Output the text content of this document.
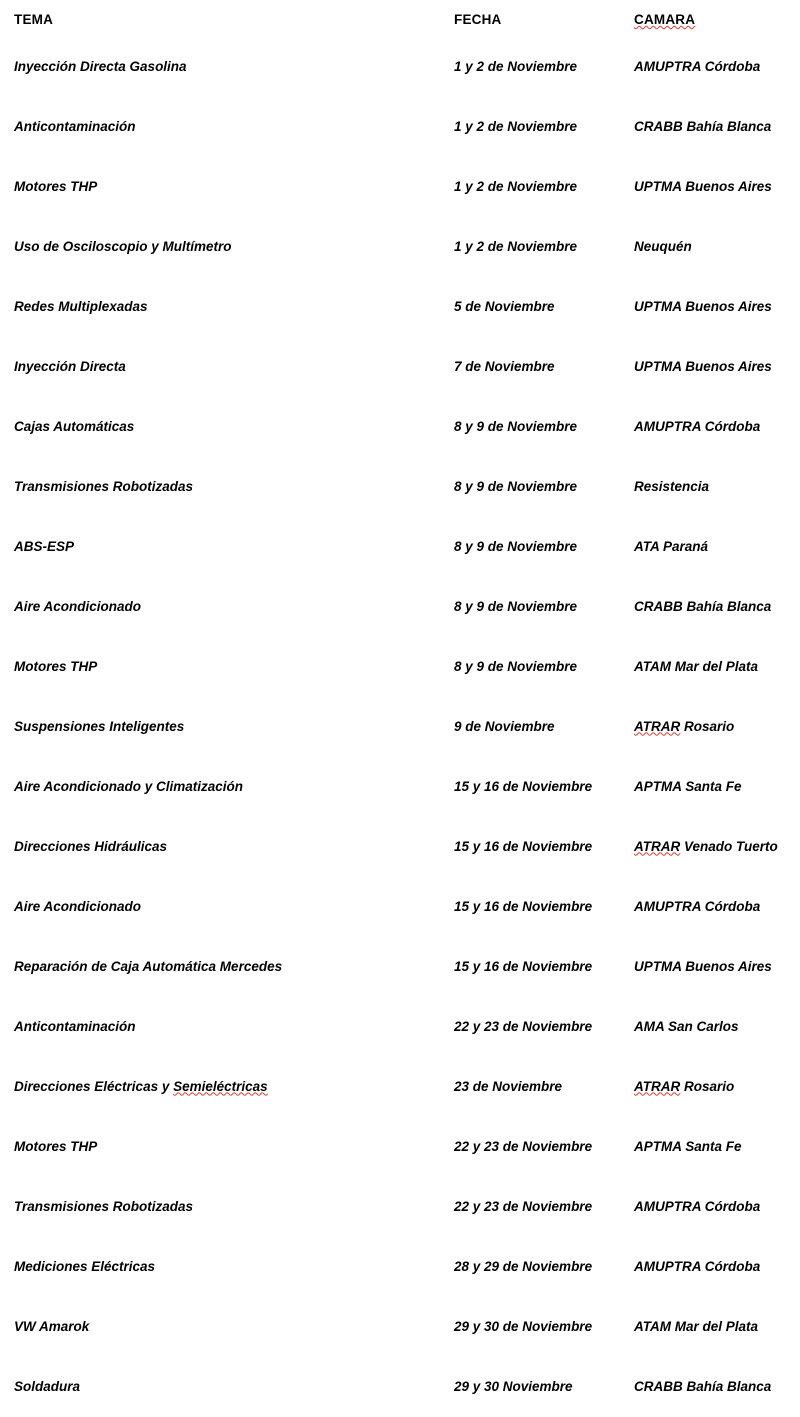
TEMA	FECHA	CAMARA
Inyección Directa Gasolina	1 y 2 de Noviembre	AMUPTRA Córdoba
Anticontaminación	1 y 2 de Noviembre	CRABB Bahía Blanca
Motores THP	1 y 2 de Noviembre	UPTMA Buenos Aires
Uso de Osciloscopio y Multímetro	1 y 2 de Noviembre	Neuquén
Redes Multiplexadas	5 de Noviembre	UPTMA Buenos Aires
Inyección Directa	7 de Noviembre	UPTMA Buenos Aires
Cajas Automáticas	8 y 9 de Noviembre	AMUPTRA Córdoba
Transmisiones Robotizadas	8 y 9 de Noviembre	Resistencia
ABS-ESP	8 y 9 de Noviembre	ATA Paraná
Aire Acondicionado	8 y 9 de Noviembre	CRABB Bahía Blanca
Motores THP	8 y 9 de Noviembre	ATAM Mar del Plata
Suspensiones Inteligentes	9 de Noviembre	ATRAR Rosario
Aire Acondicionado y Climatización	15 y 16 de Noviembre	APTMA Santa Fe
Direcciones Hidráulicas	15 y 16 de Noviembre	ATRAR Venado Tuerto
Aire Acondicionado	15 y 16 de Noviembre	AMUPTRA Córdoba
Reparación de Caja Automática Mercedes	15 y 16 de Noviembre	UPTMA Buenos Aires
Anticontaminación	22 y 23 de Noviembre	AMA San Carlos
Direcciones Eléctricas y Semieléctricas	23 de Noviembre	ATRAR Rosario
Motores THP	22 y 23 de Noviembre	APTMA Santa Fe
Transmisiones Robotizadas	22 y 23 de Noviembre	AMUPTRA Córdoba
Mediciones Eléctricas	28 y 29 de Noviembre	AMUPTRA Córdoba
VW Amarok	29 y 30 de Noviembre	ATAM Mar del Plata
Soldadura	29 y 30 Noviembre	CRABB Bahía Blanca
